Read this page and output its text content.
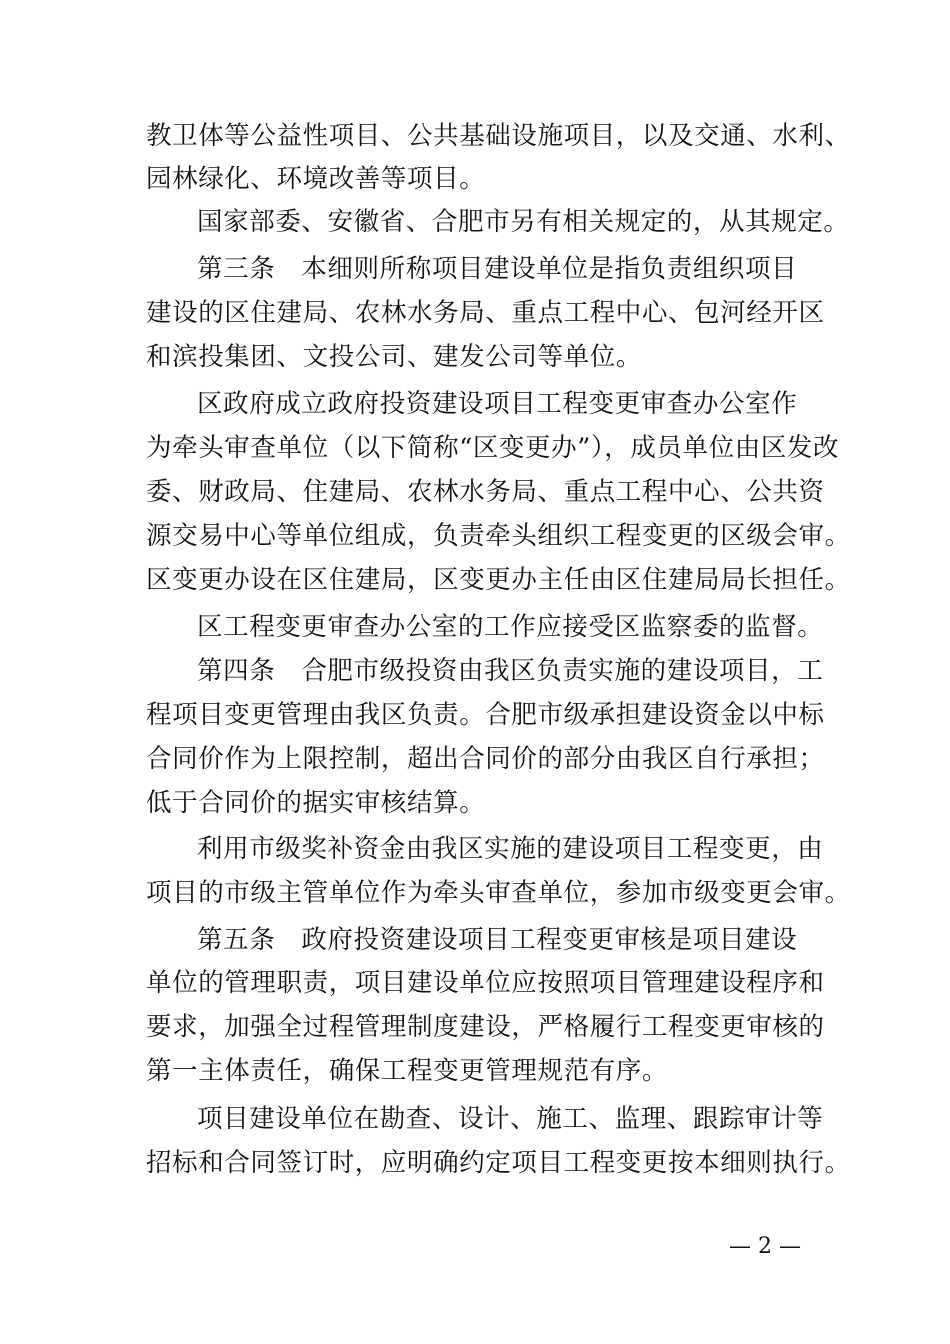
教卫体等公益性项目、公共基础设施项目，以及交通、水利、
园林绿化、环境改善等项目。
国家部委、安徽省、合肥市另有相关规定的，从其规定。
第三条 本细则所称项目建设单位是指负责组织项目
建设的区住建局、农林水务局、重点工程中心、包河经开区
和滨投集团、文投公司、建发公司等单位。
区政府成立政府投资建设项目工程变更审查办公室作
为牵头审查单位（以下简称“区变更办”），成员单位由区发改
委、财政局、住建局、农林水务局、重点工程中心、公共资
源交易中心等单位组成，负责牵头组织工程变更的区级会审。
区变更办设在区住建局，区变更办主任由区住建局局长担任。
区工程变更审查办公室的工作应接受区监察委的监督。
第四条 合肥市级投资由我区负责实施的建设项目，工
程项目变更管理由我区负责。合肥市级承担建设资金以中标
合同价作为上限控制，超出合同价的部分由我区自行承担；
低于合同价的据实审核结算。
利用市级奖补资金由我区实施的建设项目工程变更，由
项目的市级主管单位作为牵头审查单位，参加市级变更会审。
第五条 政府投资建设项目工程变更审核是项目建设
单位的管理职责，项目建设单位应按照项目管理建设程序和
要求，加强全过程管理制度建设，严格履行工程变更审核的
第一主体责任，确保工程变更管理规范有序。
项目建设单位在勘查、设计、施工、监理、跟踪审计等
招标和合同签订时，应明确约定项目工程变更按本细则执行。
— 2 —
